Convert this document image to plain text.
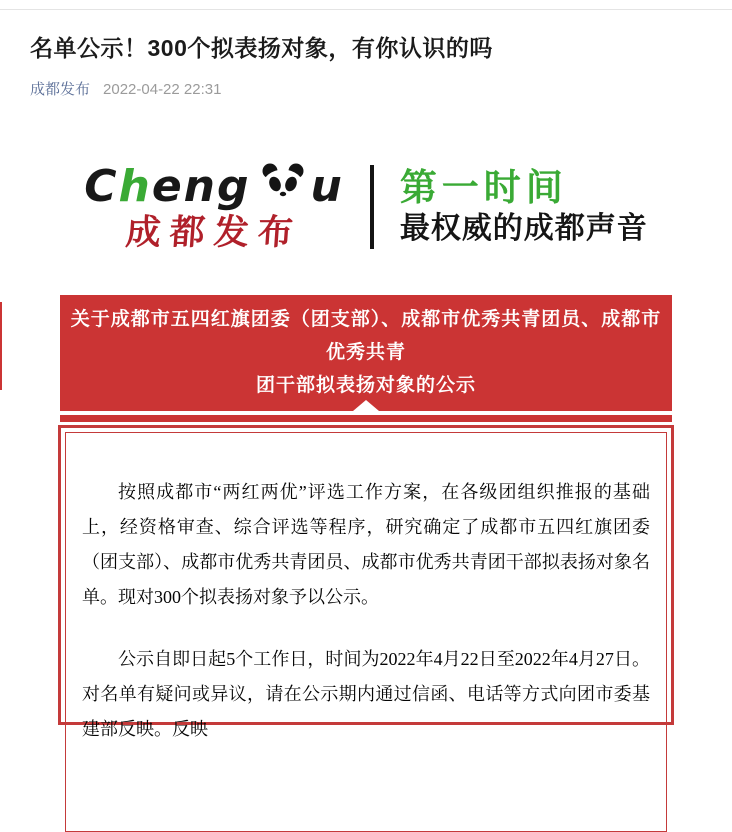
名单公示！300个拟表扬对象，有你认识的吗
成都发布 2022-04-22 22:31
C h eng u
成都发布
第一时间
最权威的成都声音
关于成都市五四红旗团委（团支部）、成都市优秀共青团员、成都市优秀共青
团干部拟表扬对象的公示

按照成都市“两红两优”评选工作方案，在各级团组织推报的基础上，经资格审查、综合评选等程序，研究确定了成都市五四红旗团委（团支部）、成都市优秀共青团员、成都市优秀共青团干部拟表扬对象名单。现对300个拟表扬对象予以公示。

公示自即日起5个工作日，时间为2022年4月22日至2022年4月27日。对名单有疑问或异议，请在公示期内通过信函、电话等方式向团市委基建部反映。反映
